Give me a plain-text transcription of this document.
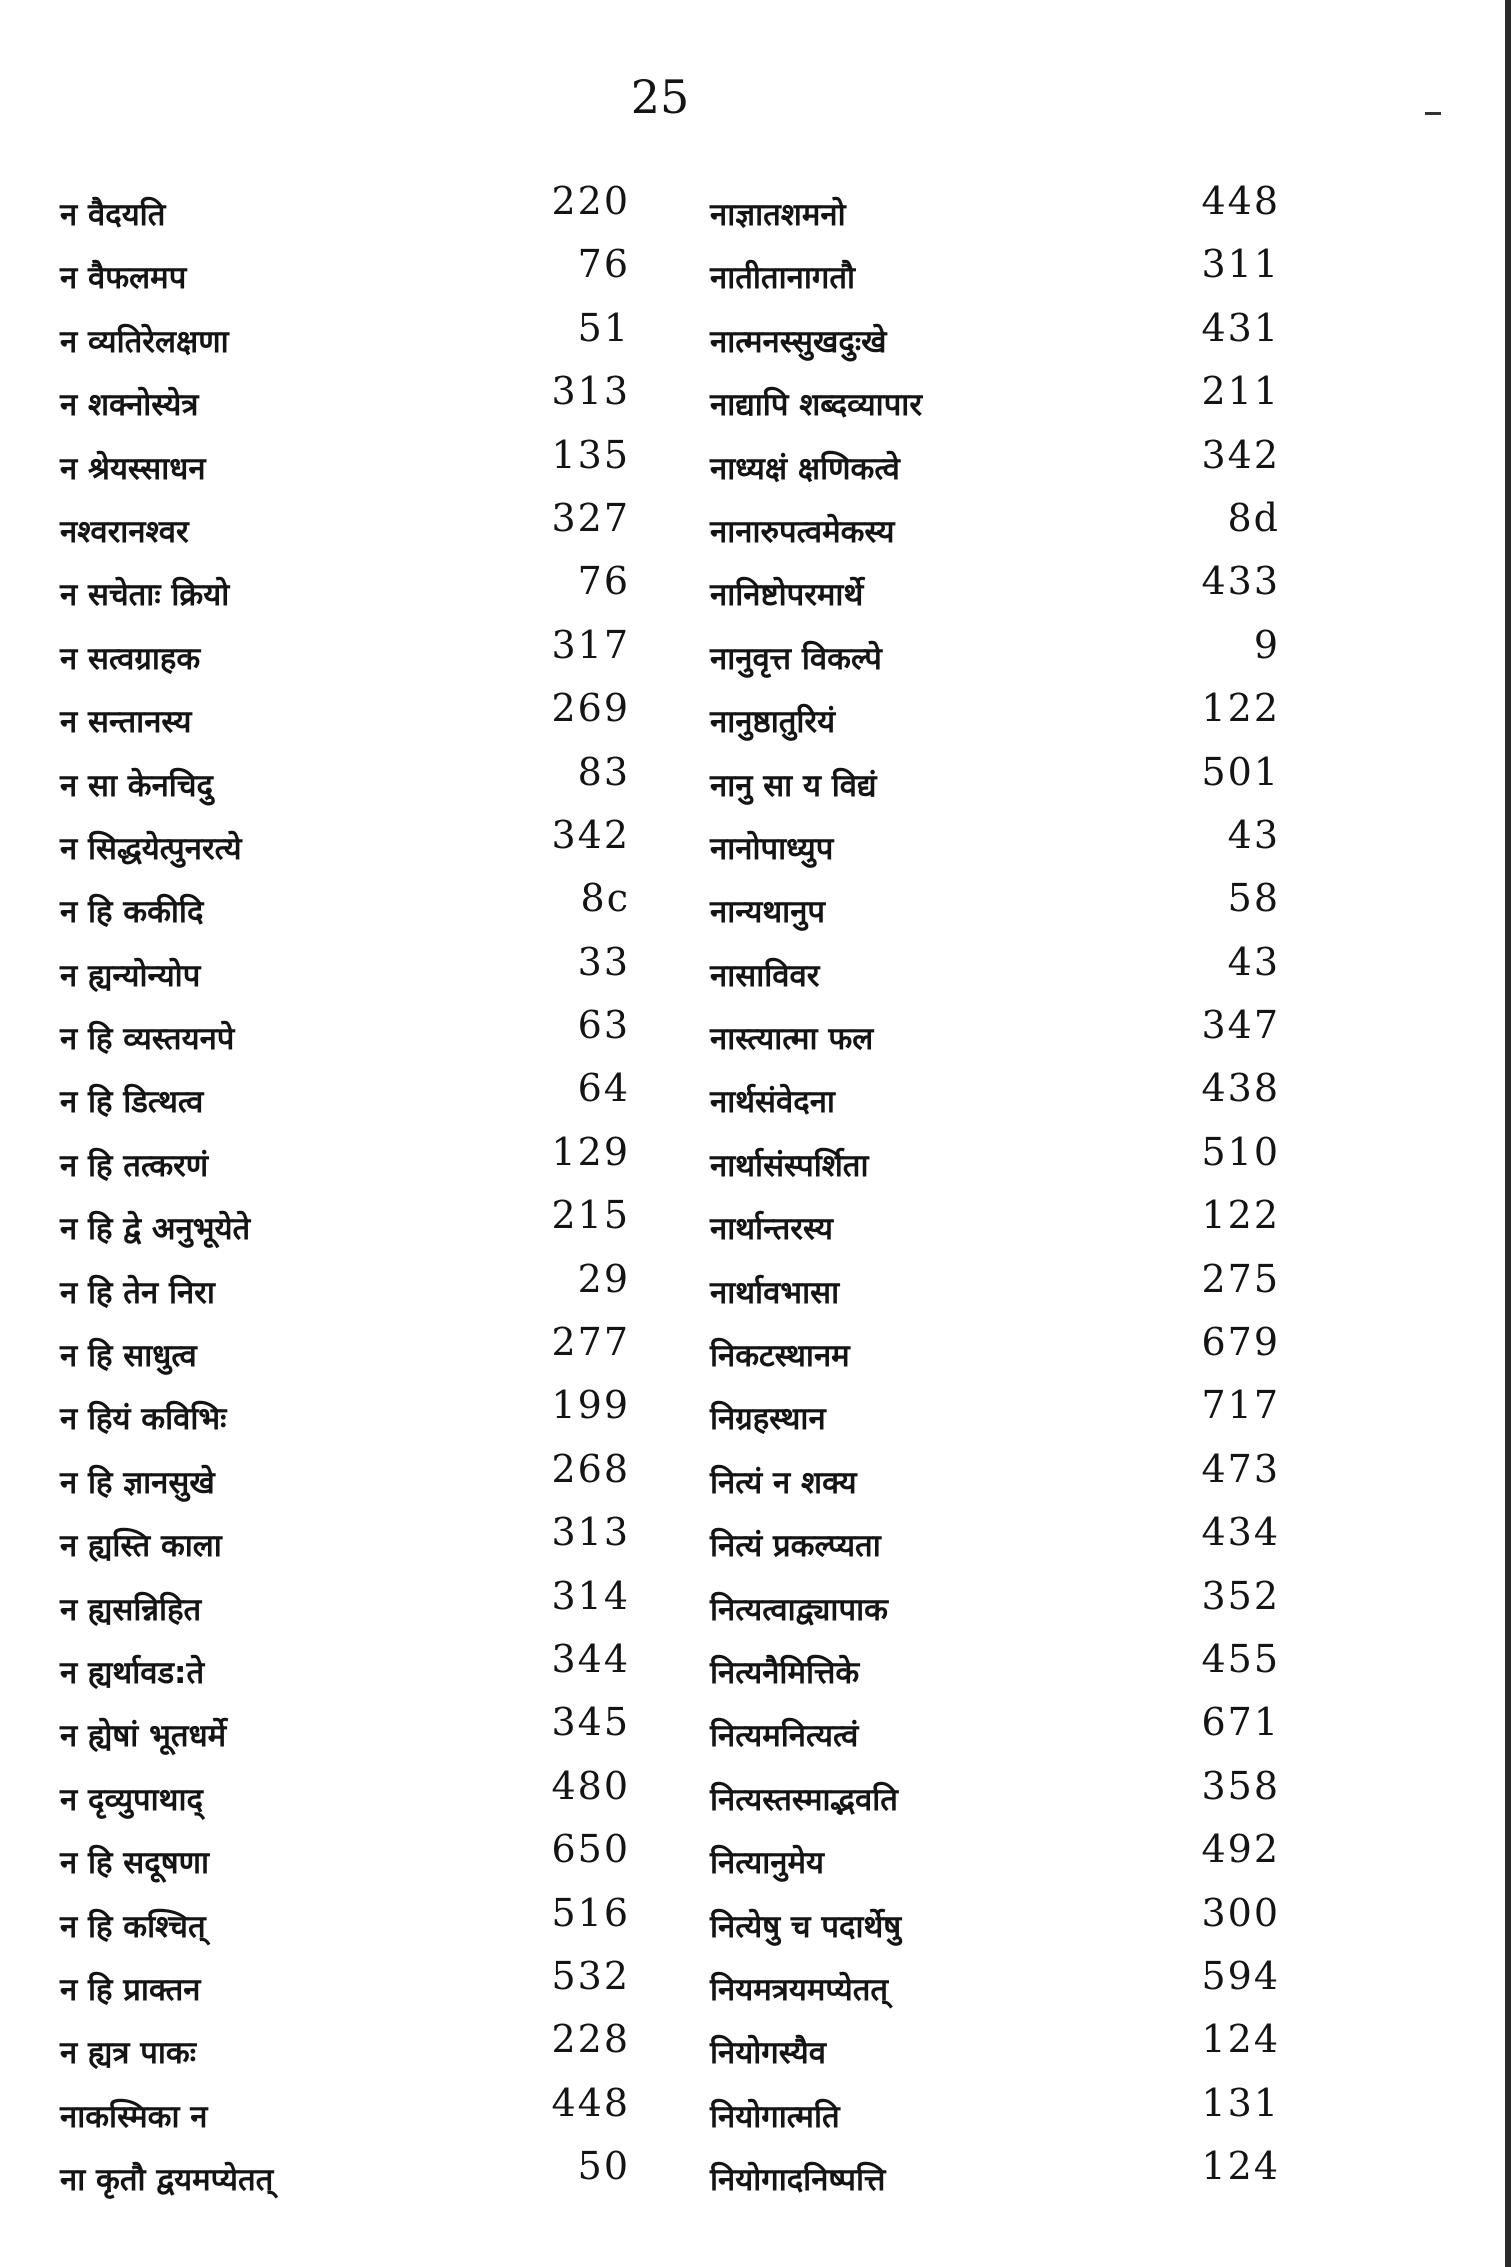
25
न वैदयति	220
न वैफलमप	76
न व्यतिरेलक्षणा	51
न शक्नोस्येत्र	313
न श्रेयस्साधन	135
नश्वरानश्वर	327
न सचेताः क्रियो	76
न सत्वग्राहक	317
न सन्तानस्य	269
न सा केनचिदु	83
न सिद्धयेत्पुनरत्ये	342
न हि ककीदि	8c
न ह्यन्योन्योप	33
न हि व्यस्तयनपे	63
न हि डित्थत्व	64
न हि तत्करणं	129
न हि द्वे अनुभूयेते	215
न हि तेन निरा	29
न हि साधुत्व	277
न हियं कविभिः	199
न हि ज्ञानसुखे	268
न ह्यस्ति काला	313
न ह्यसन्निहित	314
न ह्यर्थावड:ते	344
न ह्येषां भूतधर्मे	345
न दृव्युपाथाद्	480
न हि सदूषणा	650
न हि कश्चित्	516
न हि प्राक्तन	532
न ह्यत्र पाकः	228
नाकस्मिका न	448
ना कृतौ द्वयमप्येतत्	50
नाज्ञातशमनो	448
नातीतानागतौ	311
नात्मनस्सुखदुःखे	431
नाद्यापि शब्दव्यापार	211
नाध्यक्षं क्षणिकत्वे	342
नानारुपत्वमेकस्य	8d
नानिष्टोपरमार्थे	433
नानुवृत्त विकल्पे	9
नानुष्ठातुरियं	122
नानु सा य विद्यं	501
नानोपाध्युप	43
नान्यथानुप	58
नासाविवर	43
नास्त्यात्मा फल	347
नार्थसंवेदना	438
नार्थासंस्पर्शिता	510
नार्थान्तरस्य	122
नार्थावभासा	275
निकटस्थानम	679
निग्रहस्थान	717
नित्यं न शक्य	473
नित्यं प्रकल्प्यता	434
नित्यत्वाद्व्यापाक	352
नित्यनैमित्तिके	455
नित्यमनित्यत्वं	671
नित्यस्तस्माद्भवति	358
नित्यानुमेय	492
नित्येषु च पदार्थेषु	300
नियमत्रयमप्येतत्	594
नियोगस्यैव	124
नियोगात्मति	131
नियोगादनिष्पत्ति	124
